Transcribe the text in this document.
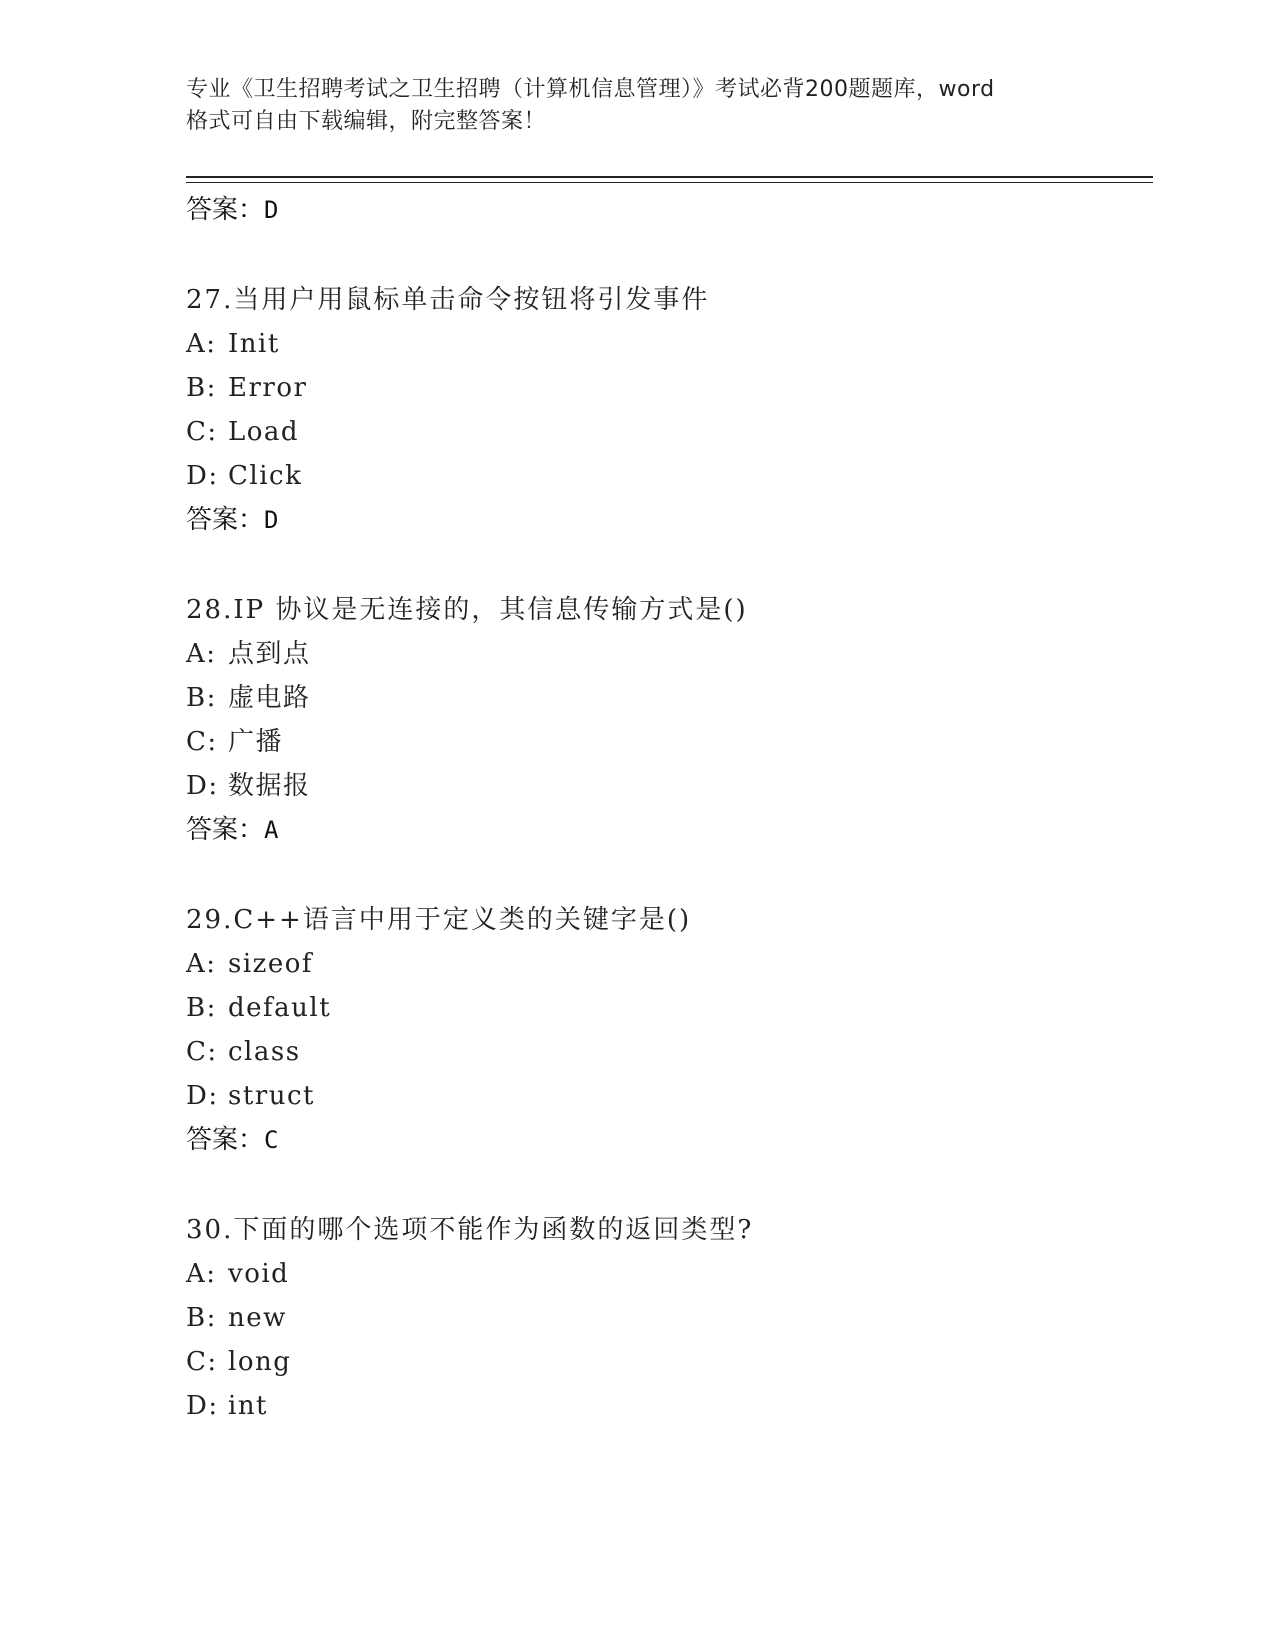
专业《卫生招聘考试之卫生招聘（计算机信息管理）》考试必背200题题库，word
格式可自由下载编辑，附完整答案！
答案：D
27.当用户用鼠标单击命令按钮将引发事件
A: Init
B: Error
C: Load
D: Click
答案：D
28.IP 协议是无连接的，其信息传输方式是()
A: 点到点
B: 虚电路
C: 广播
D: 数据报
答案：A
29.C++语言中用于定义类的关键字是()
A: sizeof
B: default
C: class
D: struct
答案：C
30.下面的哪个选项不能作为函数的返回类型?
A: void
B: new
C: long
D: int
